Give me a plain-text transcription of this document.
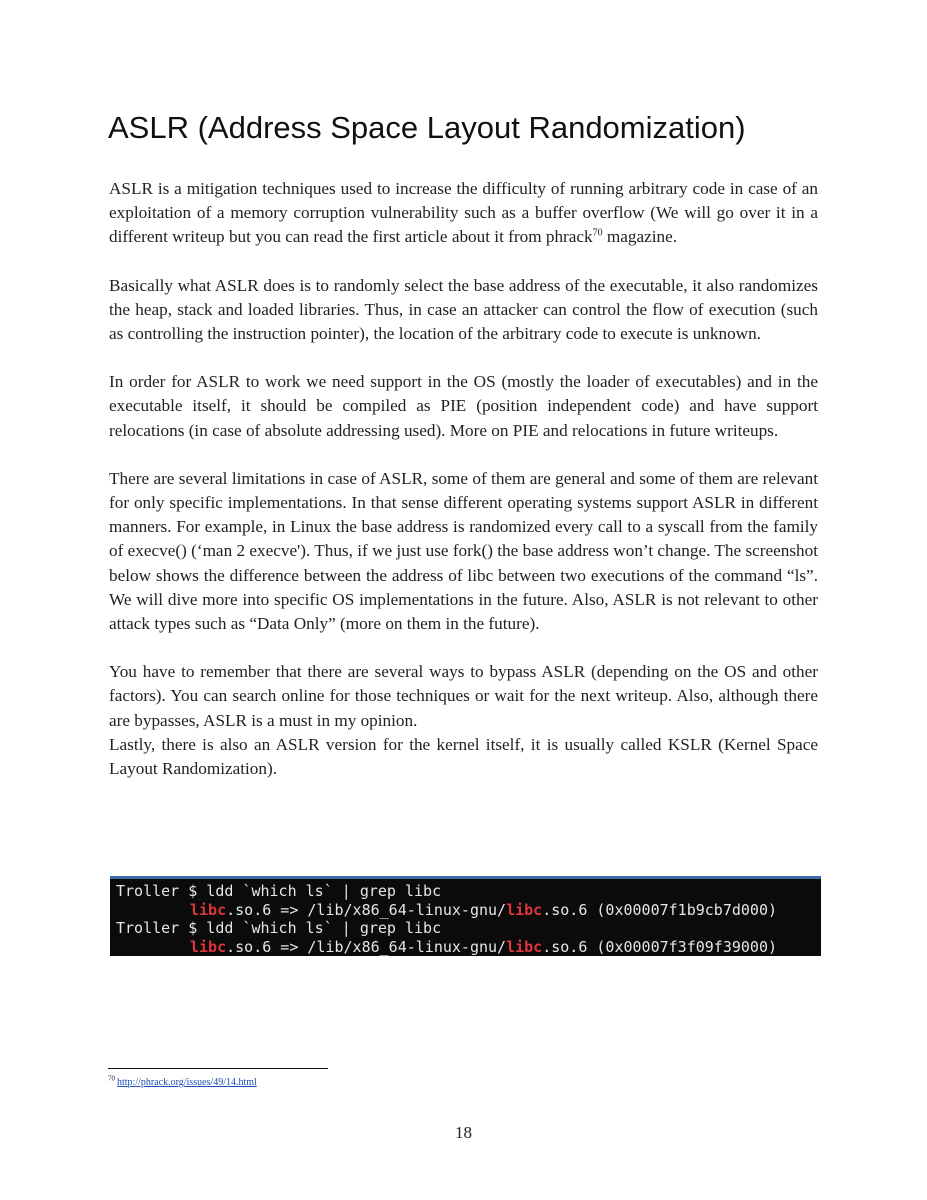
ASLR (Address Space Layout Randomization)

ASLR is a mitigation techniques used to increase the difficulty of running arbitrary code in case of an exploitation of a memory corruption vulnerability such as a buffer overflow (We will go over it in a different writeup but you can read the first article about it from phrack$^{70}$ magazine.

Basically what ASLR does is to randomly select the base address of the executable, it also randomizes the heap, stack and loaded libraries. Thus, in case an attacker can control the flow of execution (such as controlling the instruction pointer), the location of the arbitrary code to execute is unknown.

In order for ASLR to work we need support in the OS (mostly the loader of executables) and in the executable itself, it should be compiled as PIE (position independent code) and have support relocations (in case of absolute addressing used). More on PIE and relocations in future writeups.

There are several limitations in case of ASLR, some of them are general and some of them are relevant for only specific implementations. In that sense different operating systems support ASLR in different manners. For example, in Linux the base address is randomized every call to a syscall from the family of execve() (‘man 2 execve'). Thus, if we just use fork() the base address won’t change. The screenshot below shows the difference between the address of libc between two executions of the command “ls”. We will dive more into specific OS implementations in the future. Also, ASLR is not relevant to other attack types such as “Data Only” (more on them in the future).

You have to remember that there are several ways to bypass ASLR (depending on the OS and other factors). You can search online for those techniques or wait for the next writeup. Also, although there are bypasses, ASLR is a must in my opinion.

Lastly, there is also an ASLR version for the kernel itself, it is usually called KSLR (Kernel Space Layout Randomization).

Troller $ ldd `which ls` | grep libc
libc.so.6 => /lib/x86_64-linux-gnu/libc.so.6 (0x00007f1b9cb7d000)
Troller $ ldd `which ls` | grep libc
libc.so.6 => /lib/x86_64-linux-gnu/libc.so.6 (0x00007f3f09f39000)
$^{70}$ http://phrack.org/issues/49/14.html
18
